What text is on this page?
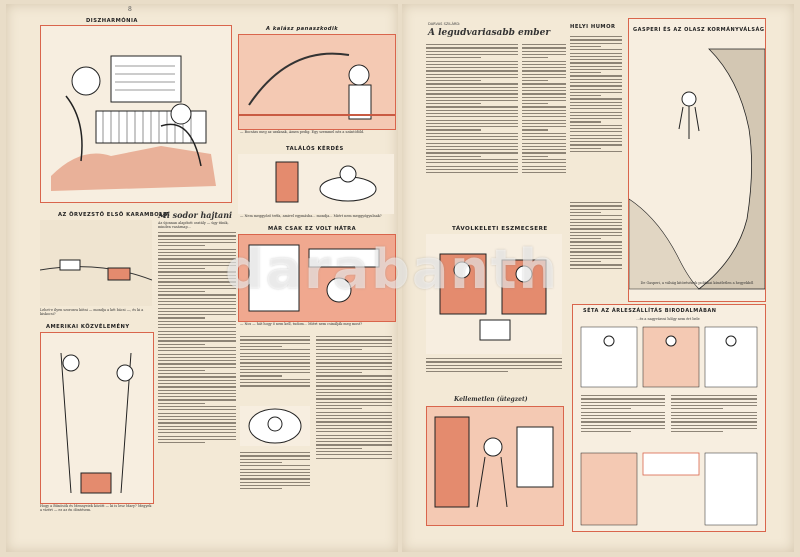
8
DISZHARMÓNIA
A kalász panaszkodik
— Bocsáss meg az uraknak, Ámen pedig. Egy szemmel néz a szántóföld.
TALÁLÓS KÉRDÉS
— Nem meggyőző tréfa, amivel egymásba... mondja... Miért nem meggyógyulnak?
AZ ÖRVEZSTŐ ELSŐ KARAMBOLJA
Lehet-e ilyen szorosra kötni — mondja a két bácsi —, és ki a kiskocsi?
Mi sodor hajtani
Az újonnan alapított osztály — úgy tűnik, minden vasárnap...	MÁR CSAK EZ VOLT HÁTRA
— Nos — hát hogy ő nem kell, tudom... Miért nem csinálják meg most?
AMERIKAI KÖZVÉLEMÉNY
Hogy a Bűnösök és Mennyeiek között — ki is lesz Mary? Megyek a vízért — ez az én döntésem.
DARVAS SZILÁRD:
A legudvariasabb ember
HELYI HUMOR	GASPERI ÉS AZ OLASZ KORMÁNYVÁLSÁG
De Gasperi, a válság kitörésének politikai kíméletlen a hegyekből
TÁVOLKELETI ESZMECSERE
Kellemetlen (ütegzet)
SÉTA AZ ÁRLESZÁLLÍTÁS BIRODALMÁBAN
...és a nagyvárosi hölgy nem ért bele
darabanth
